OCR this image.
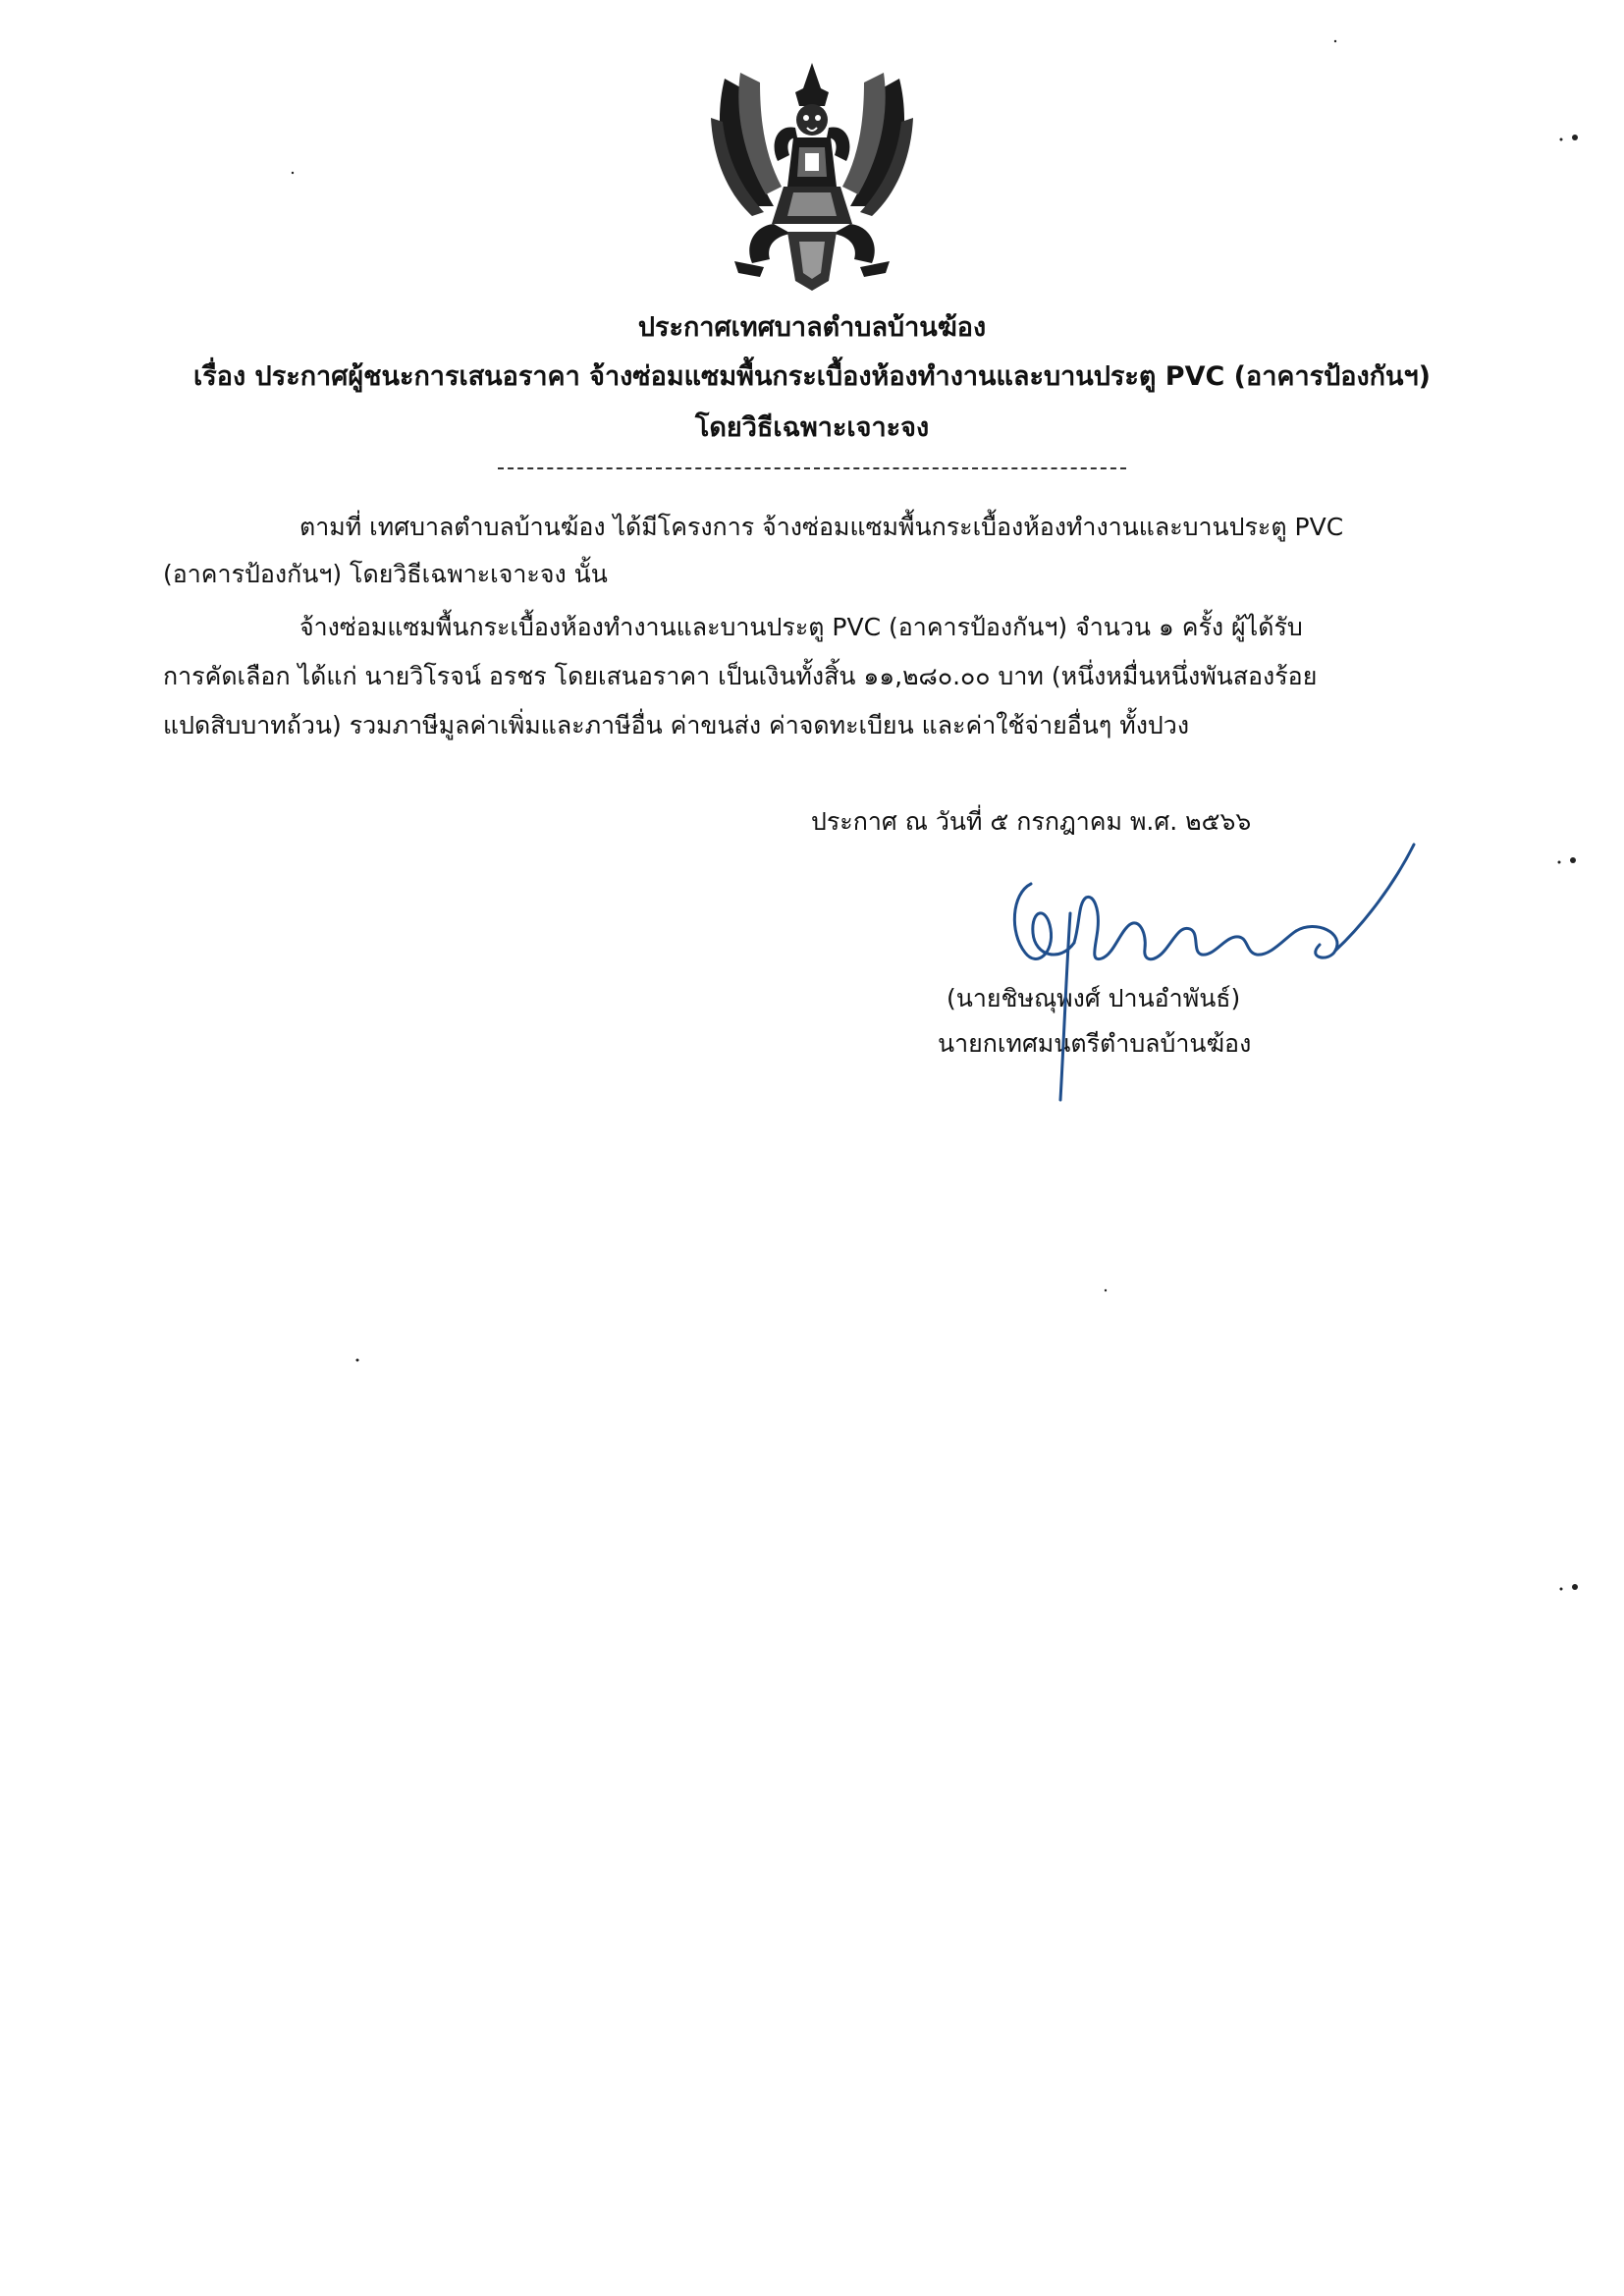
ประกาศเทศบาลตำบลบ้านฆ้อง
เรื่อง ประกาศผู้ชนะการเสนอราคา จ้างซ่อมแซมพื้นกระเบื้องห้องทำงานและบานประตู PVC (อาคารป้องกันฯ)
โดยวิธีเฉพาะเจาะจง
ตามที่ เทศบาลตำบลบ้านฆ้อง ได้มีโครงการ จ้างซ่อมแซมพื้นกระเบื้องห้องทำงานและบานประตู PVC
(อาคารป้องกันฯ) โดยวิธีเฉพาะเจาะจง นั้น
จ้างซ่อมแซมพื้นกระเบื้องห้องทำงานและบานประตู PVC (อาคารป้องกันฯ) จำนวน ๑ ครั้ง ผู้ได้รับ
การคัดเลือก ได้แก่ นายวิโรจน์ อรชร โดยเสนอราคา เป็นเงินทั้งสิ้น ๑๑,๒๘๐.๐๐ บาท (หนึ่งหมื่นหนึ่งพันสองร้อย
แปดสิบบาทถ้วน) รวมภาษีมูลค่าเพิ่มและภาษีอื่น ค่าขนส่ง ค่าจดทะเบียน และค่าใช้จ่ายอื่นๆ ทั้งปวง
ประกาศ ณ วันที่ ๕ กรกฎาคม พ.ศ. ๒๕๖๖
(นายชิษณุพงศ์ ปานอำพันธ์)
นายกเทศมนตรีตำบลบ้านฆ้อง
